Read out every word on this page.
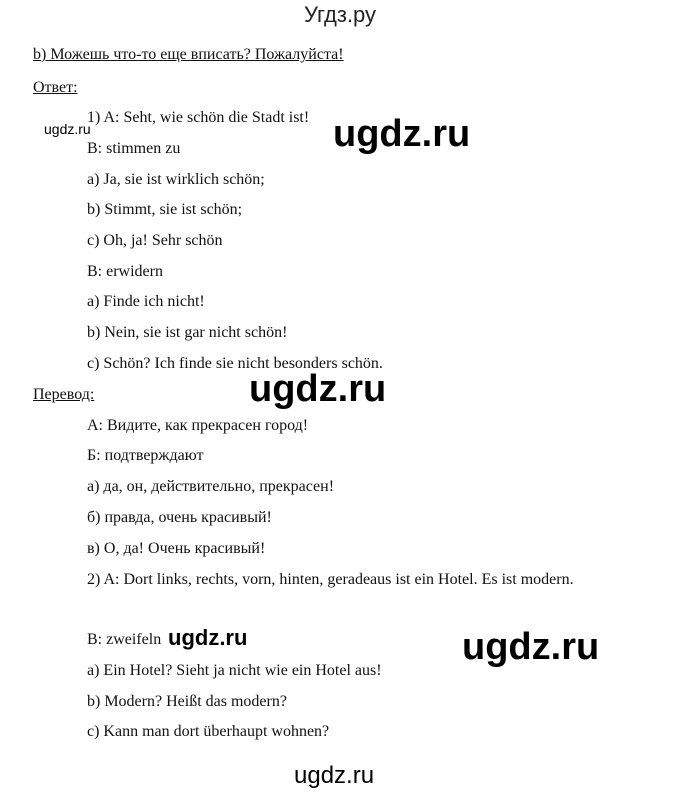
Угдз.ру
b) Можешь что-то еще вписать? Пожалуйста!
Ответ:
1) A: Seht, wie schön die Stadt ist!
B: stimmen zu
a) Ja, sie ist wirklich schön;
b) Stimmt, sie ist schön;
c) Oh, ja! Sehr schön
B: erwidern
a) Finde ich nicht!
b) Nein, sie ist gar nicht schön!
c) Schön? Ich finde sie nicht besonders schön.
Перевод:
A: Видите, как прекрасен город!
Б: подтверждают
а) да, он, действительно, прекрасен!
б) правда, очень красивый!
в) О, да! Очень красивый!
2) A: Dort links, rechts, vorn, hinten, geradeaus ist ein Hotel. Es ist modern.
B: zweifeln
a) Ein Hotel? Sieht ja nicht wie ein Hotel aus!
b) Modern? Heißt das modern?
c) Kann man dort überhaupt wohnen?
ugdz.ru	ugdz.ru
ugdz.ru
ugdz.ru	ugdz.ru
ugdz.ru
